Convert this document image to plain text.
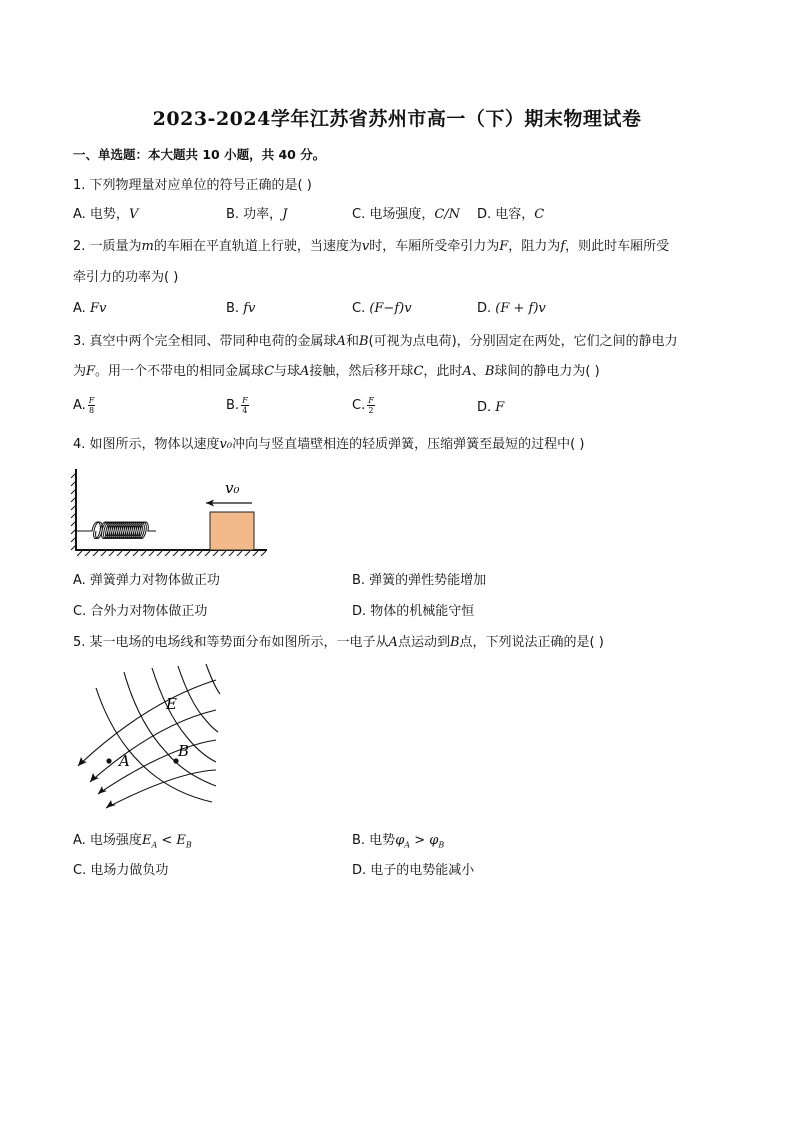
2023-2024学年江苏省苏州市高一（下）期末物理试卷
一、单选题：本大题共 10 小题，共 40 分。
1. 下列物理量对应单位的符号正确的是( )
A. 电势，V	B. 功率，J	C. 电场强度，C/N D. 电容，C
2. 一质量为m的车厢在平直轨道上行驶，当速度为v时，车厢所受牵引力为F，阻力为f，则此时车厢所受
牵引力的功率为( )
A. Fv	B. fv	C. (F−f)v	D. (F + f)v
3. 真空中两个完全相同、带同种电荷的金属球A和B(可视为点电荷)，分别固定在两处，它们之间的静电力
为F。用一个不带电的相同金属球C与球A接触，然后移开球C，此时A、B球间的静电力为( )
A. $\frac{F}{8}$	B. $\frac{F}{4}$	C. $\frac{F}{2}$	D. F
4. 如图所示，物体以速度v₀冲向与竖直墙壁相连的轻质弹簧，压缩弹簧至最短的过程中( )
v₀
A. 弹簧弹力对物体做正功	B. 弹簧的弹性势能增加
C. 合外力对物体做正功	D. 物体的机械能守恒
5. 某一电场的电场线和等势面分布如图所示，一电子从A点运动到B点，下列说法正确的是( )
E
A
B
A. 电场强度$E_A < E_B$	B. 电势$\varphi_A > \varphi_B$
C. 电场力做负功	D. 电子的电势能减小
